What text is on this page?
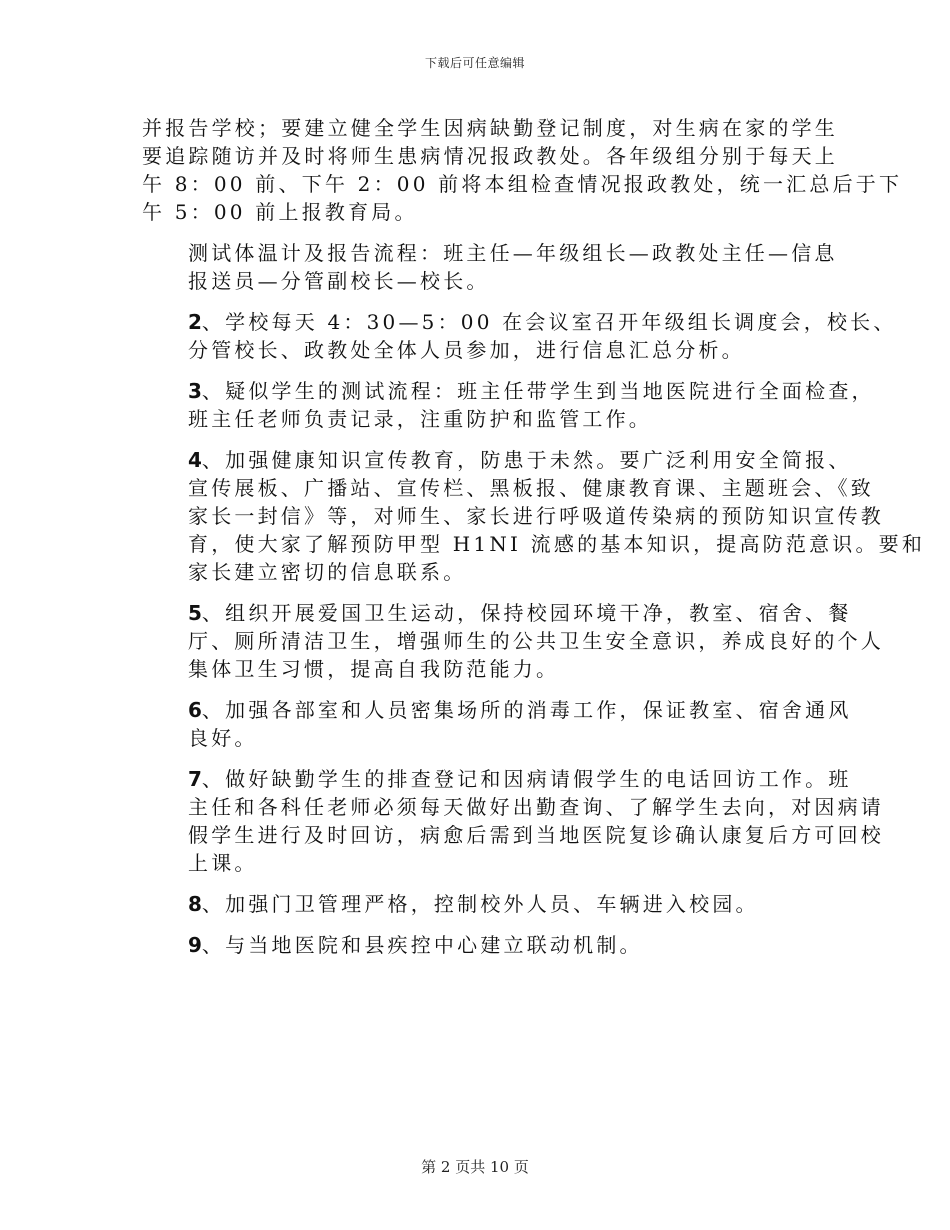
下载后可任意编辑

并报告学校；要建立健全学生因病缺勤登记制度，对生病在家的学生
要追踪随访并及时将师生患病情况报政教处。各年级组分别于每天上
午 8：00 前、下午 2：00 前将本组检查情况报政教处，统一汇总后于下
午 5：00 前上报教育局。

测试体温计及报告流程：班主任—年级组长—政教处主任—信息
报送员—分管副校长—校长。

2、学校每天 4：30—5：00 在会议室召开年级组长调度会，校长、
分管校长、政教处全体人员参加，进行信息汇总分析。

3、疑似学生的测试流程：班主任带学生到当地医院进行全面检查，
班主任老师负责记录，注重防护和监管工作。

4、加强健康知识宣传教育，防患于未然。要广泛利用安全简报、
宣传展板、广播站、宣传栏、黑板报、健康教育课、主题班会、《致
家长一封信》等，对师生、家长进行呼吸道传染病的预防知识宣传教
育，使大家了解预防甲型 H1NI 流感的基本知识，提高防范意识。要和
家长建立密切的信息联系。

5、组织开展爱国卫生运动，保持校园环境干净，教室、宿舍、餐
厅、厕所清洁卫生，增强师生的公共卫生安全意识，养成良好的个人
集体卫生习惯，提高自我防范能力。

6、加强各部室和人员密集场所的消毒工作，保证教室、宿舍通风
良好。

7、做好缺勤学生的排查登记和因病请假学生的电话回访工作。班
主任和各科任老师必须每天做好出勤查询、了解学生去向，对因病请
假学生进行及时回访，病愈后需到当地医院复诊确认康复后方可回校
上课。

8、加强门卫管理严格，控制校外人员、车辆进入校园。

9、与当地医院和县疾控中心建立联动机制。

第 2 页共 10 页
